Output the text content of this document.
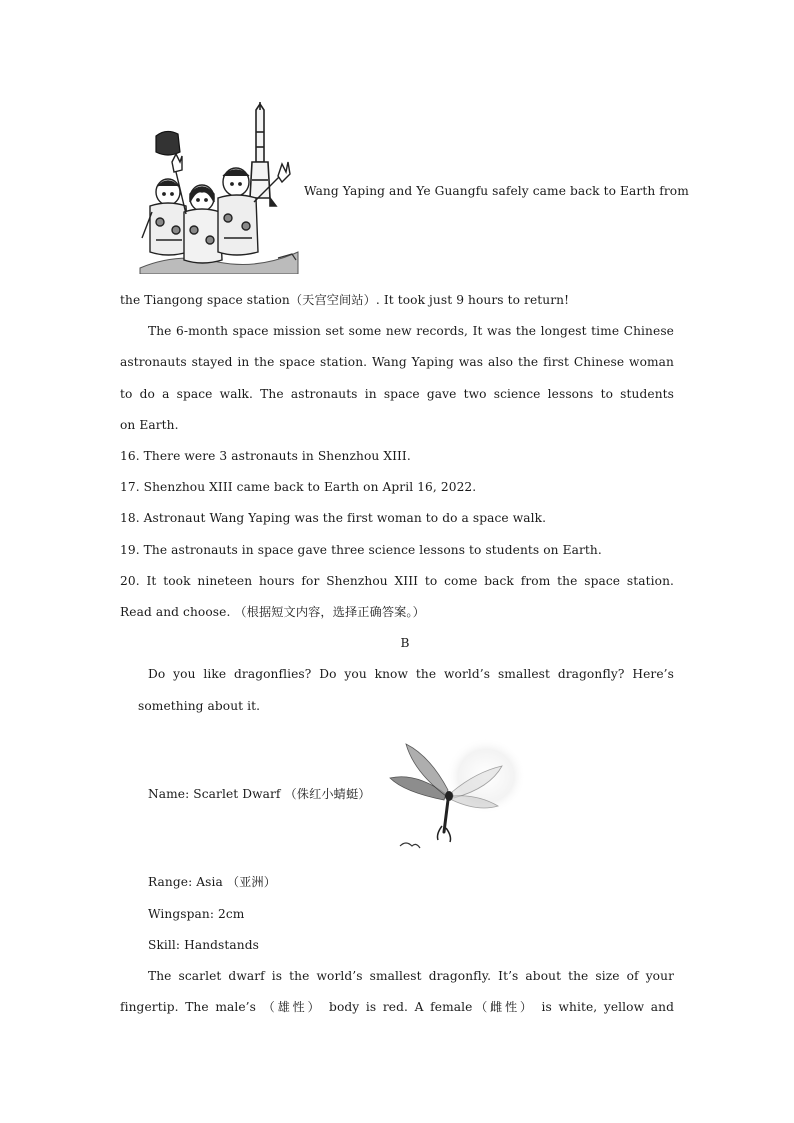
Wang Yaping and Ye Guangfu safely came back to Earth from
the Tiangong space station（天宫空间站）. It took just 9 hours to return!
The 6-month space mission set some new records, It was the longest time Chinese
astronauts stayed in the space station. Wang Yaping was also the first Chinese woman
to do a space walk. The astronauts in space gave two science lessons to students
on Earth.
16. There were 3 astronauts in Shenzhou XIII.
17. Shenzhou XIII came back to Earth on April 16, 2022.
18. Astronaut Wang Yaping was the first woman to do a space walk.
19. The astronauts in space gave three science lessons to students on Earth.
20. It took nineteen hours for Shenzhou XIII to come back from the space station.
Read and choose. （根据短文内容，选择正确答案。）
B
Do you like dragonflies? Do you know the world’s smallest dragonfly? Here’s
something about it.
Name: Scarlet Dwarf （侏红小蜻蜓）
Range: Asia （亚洲）
Wingspan: 2cm
Skill: Handstands
The scarlet dwarf is the world’s smallest dragonfly. It’s about the size of your
fingertip. The male’s （雄性） body is red. A female（雌性） is white, yellow and
